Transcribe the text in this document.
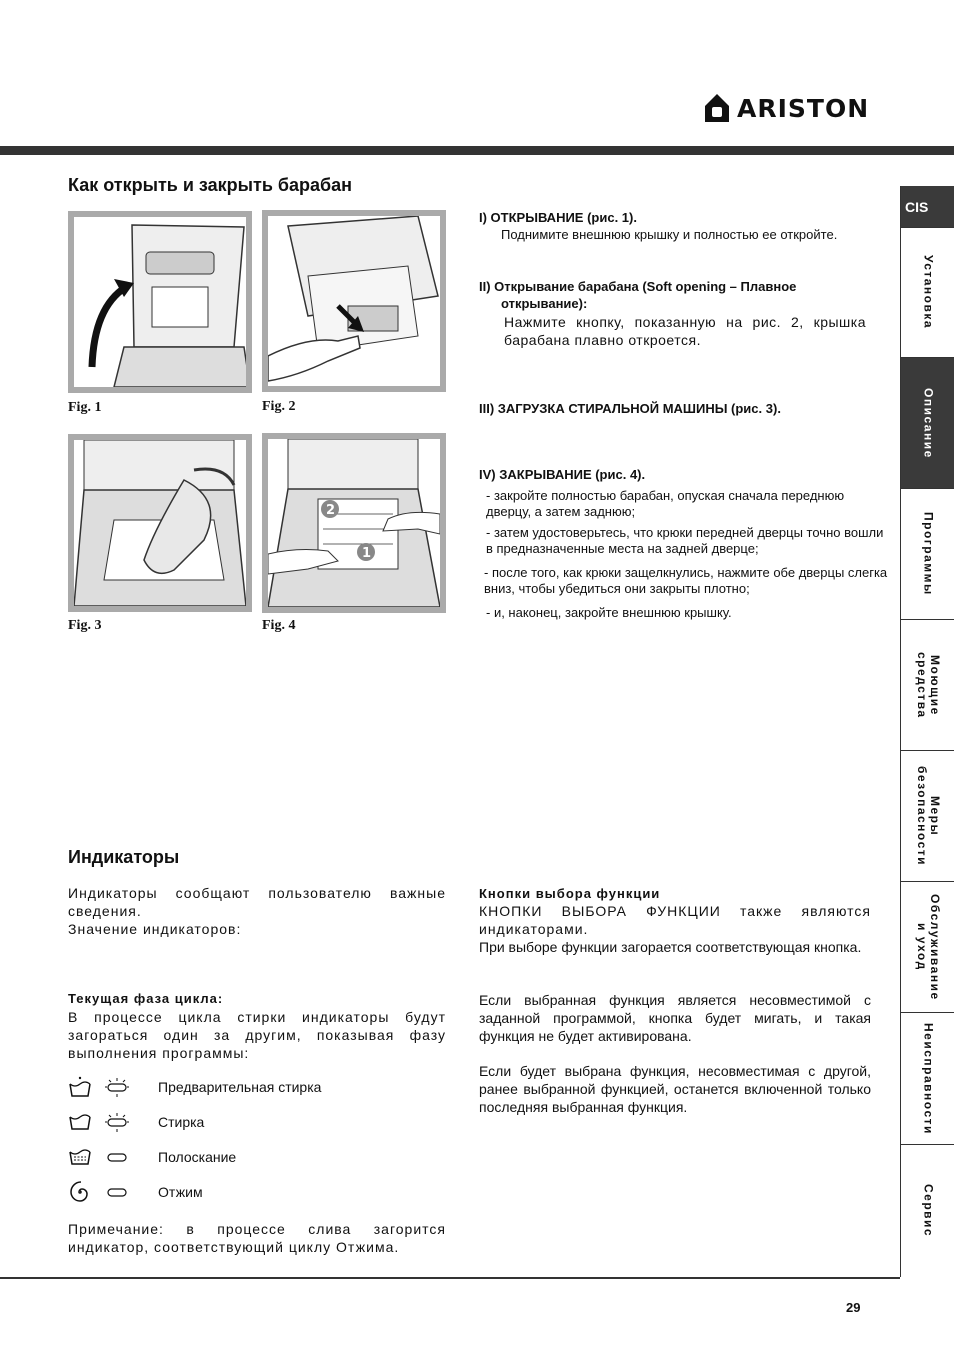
ARISTON
Как открыть и закрыть барабан
Fig. 1	Fig. 2
Fig. 3
2
1
Fig. 4
I) ОТКРЫВАНИЕ (рис. 1).
Поднимите внешнюю крышку и полностью ее откройте.
II) Открывание барабана (Soft opening – Плавное
открывание):
Нажмите кнопку, показанную на рис. 2, крышка барабана плавно откроется.
III) ЗАГРУЗКА СТИРАЛЬНОЙ МАШИНЫ (рис. 3).
IV) ЗАКРЫВАНИЕ (рис. 4).
- закройте полностью барабан, опуская сначала переднюю дверцу, а затем заднюю;
- затем удостоверьтесь, что крюки передней дверцы точно вошли в предназначенные места на задней дверце;
- после того, как крюки защелкнулись, нажмите обе дверцы слегка вниз, чтобы убедиться они закрыты плотно;
- и, наконец, закройте внешнюю крышку.
Индикаторы
Индикаторы сообщают пользователю важные сведения.
Значение индикаторов:
Текущая фаза цикла:
В процессе цикла стирки индикаторы будут загораться один за другим, показывая фазу выполнения программы:
Предварительная стирка
Стирка
Полоскание
Отжим
Примечание: в процессе слива загорится индикатор, соответствующий циклу Отжима.
Кнопки выбора функции
КНОПКИ ВЫБОРА ФУНКЦИИ также являются индикаторами.
При выборе функции загорается соответствующая кнопка.
Если выбранная функция является несовместимой с заданной программой, кнопка будет мигать, и такая функция не будет активирована.
Если будет выбрана функция, несовместимая с другой, ранее выбранной функцией, останется включенной только последняя выбранная функция.
CIS
Установка
Описание
Программы
Моющие
средства
Меры
безопасности
Обслуживание
и уход
Неисправности
Сервис
29
